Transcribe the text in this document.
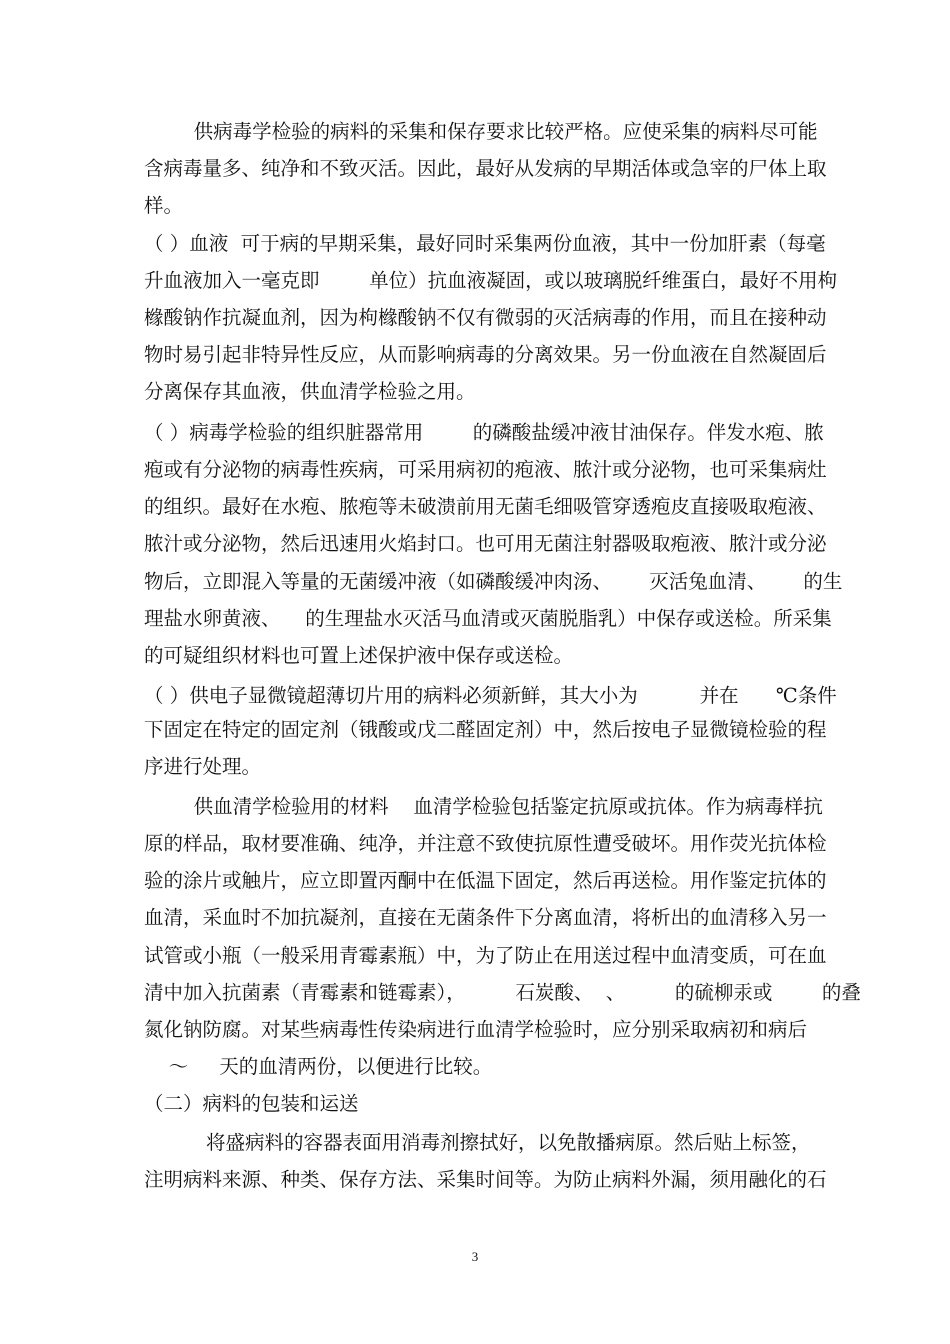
供病毒学检验的病料的采集和保存要求比较严格。应使采集的病料尽可能

含病毒量多、纯净和不致灭活。因此，最好从发病的早期活体或急宰的尸体上取

样。

（ ）血液  可于病的早期采集，最好同时采集两份血液，其中一份加肝素（每毫

升血液加入一毫克即        单位）抗血液凝固，或以玻璃脱纤维蛋白，最好不用枸

橼酸钠作抗凝血剂，因为枸橼酸钠不仅有微弱的灭活病毒的作用，而且在接种动

物时易引起非特异性反应，从而影响病毒的分离效果。另一份血液在自然凝固后

分离保存其血液，供血清学检验之用。

（ ）病毒学检验的组织脏器常用        的磷酸盐缓冲液甘油保存。伴发水疱、脓

疱或有分泌物的病毒性疾病，可采用病初的疱液、脓汁或分泌物，也可采集病灶

的组织。最好在水疱、脓疱等未破溃前用无菌毛细吸管穿透疱皮直接吸取疱液、

脓汁或分泌物，然后迅速用火焰封口。也可用无菌注射器吸取疱液、脓汁或分泌

物后，立即混入等量的无菌缓冲液（如磷酸缓冲肉汤、      灭活兔血清、      的生

理盐水卵黄液、    的生理盐水灭活马血清或灭菌脱脂乳）中保存或送检。所采集

的可疑组织材料也可置上述保护液中保存或送检。

（ ）供电子显微镜超薄切片用的病料必须新鲜，其大小为          并在      ℃条件

下固定在特定的固定剂（锇酸或戊二醛固定剂）中，然后按电子显微镜检验的程

序进行处理。

供血清学检验用的材料    血清学检验包括鉴定抗原或抗体。作为病毒样抗

原的样品，取材要准确、纯净，并注意不致使抗原性遭受破坏。用作荧光抗体检

验的涂片或触片，应立即置丙酮中在低温下固定，然后再送检。用作鉴定抗体的

血清，采血时不加抗凝剂，直接在无菌条件下分离血清，将析出的血清移入另一

试管或小瓶（一般采用青霉素瓶）中，为了防止在用送过程中血清变质，可在血

清中加入抗菌素（青霉素和链霉素），        石炭酸、  、        的硫柳汞或        的叠

氮化钠防腐。对某些病毒性传染病进行血清学检验时，应分别采取病初和病后

～     天的血清两份，以便进行比较。

（二）病料的包装和运送

将盛病料的容器表面用消毒剂擦拭好，以免散播病原。然后贴上标签，

注明病料来源、种类、保存方法、采集时间等。为防止病料外漏，须用融化的石

3
